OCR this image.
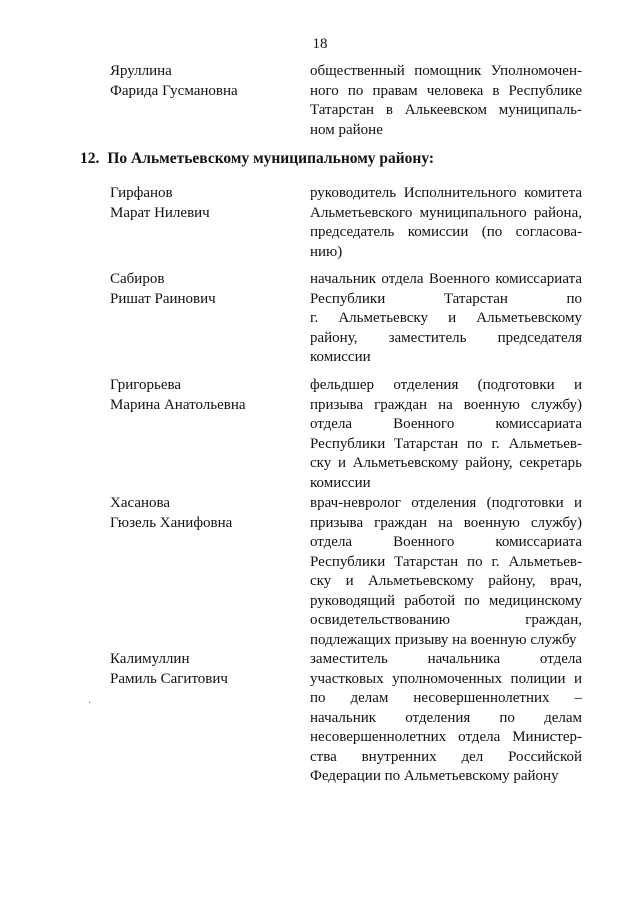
18
Яруллина
Фарида Гусмановна
общественный помощник Уполномочен-
ного по правам человека в Республике
Татарстан в Алькеевском муниципаль-
ном районе
12. По Альметьевскому муниципальному району:
Гирфанов
Марат Нилевич
руководитель Исполнительного комитета
Альметьевского муниципального района,
председатель комиссии (по согласова-
нию)
Сабиров
Ришат Раинович
начальник отдела Военного комиссариата
Республики Татарстан по
г. Альметьевску и Альметьевскому
району, заместитель председателя
комиссии
Григорьева
Марина Анатольевна
фельдшер отделения (подготовки и
призыва граждан на военную службу)
отдела Военного комиссариата
Республики Татарстан по г. Альметьев-
ску и Альметьевскому району, секретарь
комиссии
Хасанова
Гюзель Ханифовна
врач-невролог отделения (подготовки и
призыва граждан на военную службу)
отдела Военного комиссариата
Республики Татарстан по г. Альметьев-
ску и Альметьевскому району, врач,
руководящий работой по медицинскому
освидетельствованию граждан,
подлежащих призыву на военную службу
Калимуллин
Рамиль Сагитович
заместитель начальника отдела
участковых уполномоченных полиции и
по делам несовершеннолетних –
начальник отделения по делам
несовершеннолетних отдела Министер-
ства внутренних дел Российской
Федерации по Альметьевскому району
·
